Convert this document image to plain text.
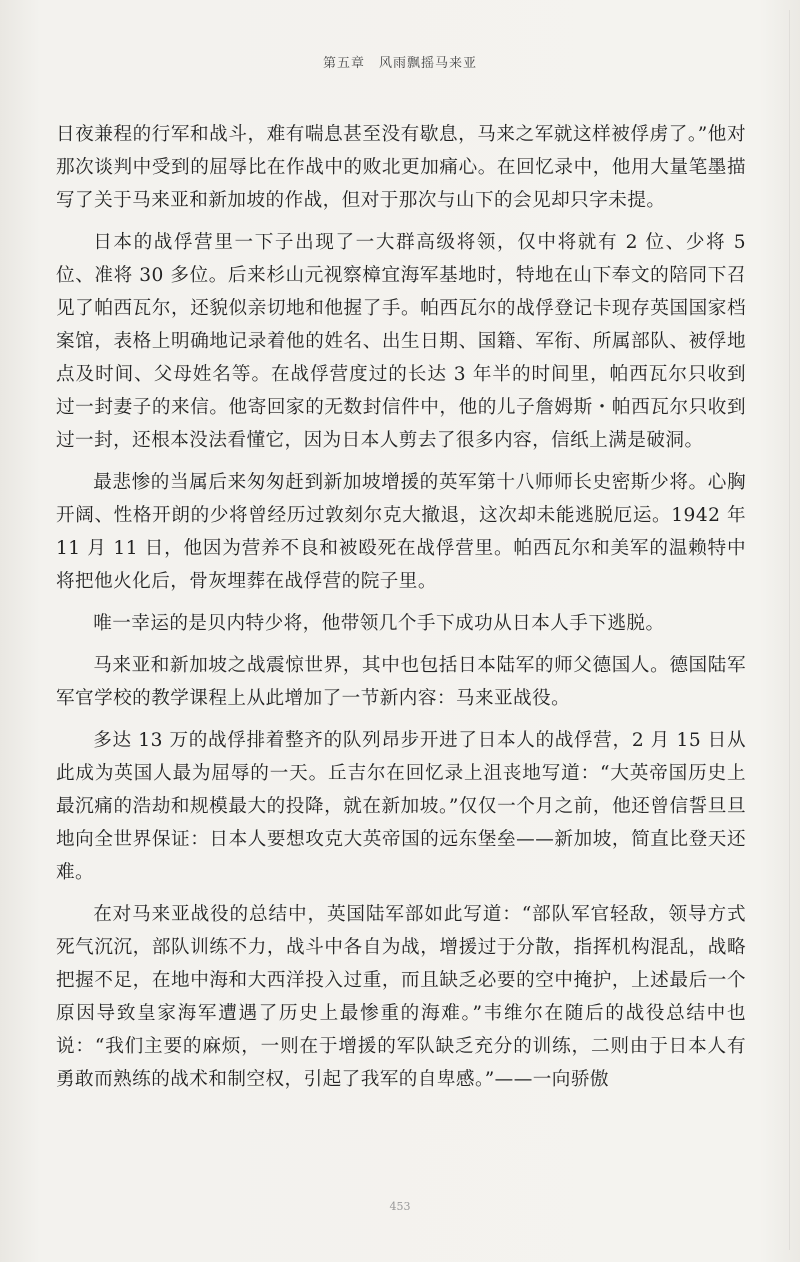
第五章　风雨飘摇马来亚

日夜兼程的行军和战斗，难有喘息甚至没有歇息，马来之军就这样被俘虏了。”他对那次谈判中受到的屈辱比在作战中的败北更加痛心。在回忆录中，他用大量笔墨描写了关于马来亚和新加坡的作战，但对于那次与山下的会见却只字未提。

日本的战俘营里一下子出现了一大群高级将领，仅中将就有 2 位、少将 5 位、准将 30 多位。后来杉山元视察樟宜海军基地时，特地在山下奉文的陪同下召见了帕西瓦尔，还貌似亲切地和他握了手。帕西瓦尔的战俘登记卡现存英国国家档案馆，表格上明确地记录着他的姓名、出生日期、国籍、军衔、所属部队、被俘地点及时间、父母姓名等。在战俘营度过的长达 3 年半的时间里，帕西瓦尔只收到过一封妻子的来信。他寄回家的无数封信件中，他的儿子詹姆斯・帕西瓦尔只收到过一封，还根本没法看懂它，因为日本人剪去了很多内容，信纸上满是破洞。

最悲惨的当属后来匆匆赶到新加坡增援的英军第十八师师长史密斯少将。心胸开阔、性格开朗的少将曾经历过敦刻尔克大撤退，这次却未能逃脱厄运。1942 年 11 月 11 日，他因为营养不良和被殴死在战俘营里。帕西瓦尔和美军的温赖特中将把他火化后，骨灰埋葬在战俘营的院子里。

唯一幸运的是贝内特少将，他带领几个手下成功从日本人手下逃脱。

马来亚和新加坡之战震惊世界，其中也包括日本陆军的师父德国人。德国陆军军官学校的教学课程上从此增加了一节新内容：马来亚战役。

多达 13 万的战俘排着整齐的队列昂步开进了日本人的战俘营，2 月 15 日从此成为英国人最为屈辱的一天。丘吉尔在回忆录上沮丧地写道：“大英帝国历史上最沉痛的浩劫和规模最大的投降，就在新加坡。”仅仅一个月之前，他还曾信誓旦旦地向全世界保证：日本人要想攻克大英帝国的远东堡垒——新加坡，简直比登天还难。

在对马来亚战役的总结中，英国陆军部如此写道：“部队军官轻敌，领导方式死气沉沉，部队训练不力，战斗中各自为战，增援过于分散，指挥机构混乱，战略把握不足，在地中海和大西洋投入过重，而且缺乏必要的空中掩护，上述最后一个原因导致皇家海军遭遇了历史上最惨重的海难。”韦维尔在随后的战役总结中也说：“我们主要的麻烦，一则在于增援的军队缺乏充分的训练，二则由于日本人有勇敢而熟练的战术和制空权，引起了我军的自卑感。”——一向骄傲

453
